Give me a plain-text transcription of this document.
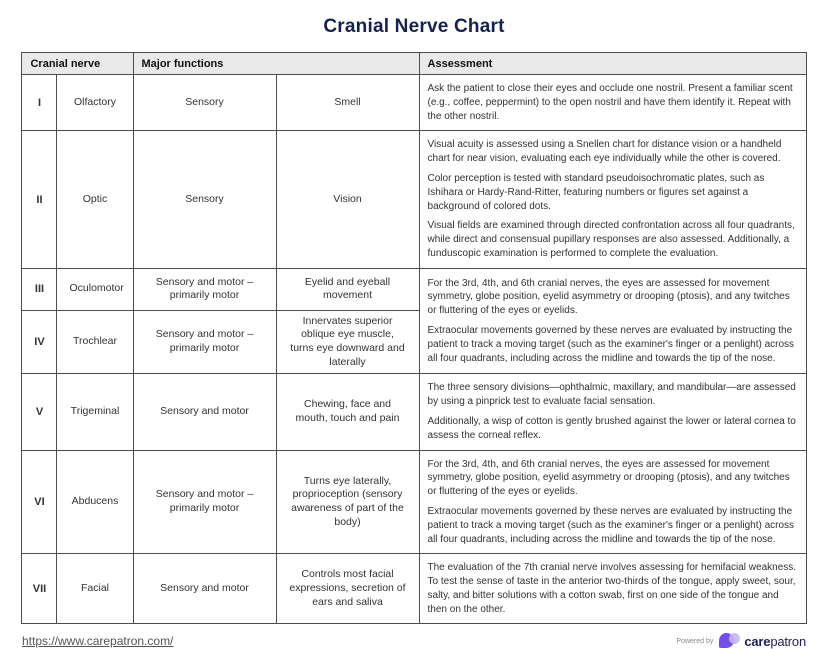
Cranial Nerve Chart
Cranial nerve		Major functions		Assessment
I	Olfactory	Sensory	Smell	Ask the patient to close their eyes and occlude one nostril. Present a familiar scent (e.g., coffee, peppermint) to the open nostril and have them identify it. Repeat with the other nostril.

II	Optic	Sensory	Vision	Visual acuity is assessed using a Snellen chart for distance vision or a handheld chart for near vision, evaluating each eye individually while the other is covered.

Color perception is tested with standard pseudoisochromatic plates, such as Ishihara or Hardy-Rand-Ritter, featuring numbers or figures set against a background of colored dots.

Visual fields are examined through directed confrontation across all four quadrants, while direct and consensual pupillary responses are also assessed. Additionally, a funduscopic examination is performed to complete the evaluation.

III	Oculomotor	Sensory and motor – primarily motor	Eyelid and eyeball movement	For the 3rd, 4th, and 6th cranial nerves, the eyes are assessed for movement symmetry, globe position, eyelid asymmetry or drooping (ptosis), and any twitches or fluttering of the eyes or eyelids.

Extraocular movements governed by these nerves are evaluated by instructing the patient to track a moving target (such as the examiner's finger or a penlight) across all four quadrants, including across the midline and towards the tip of the nose.

IV	Trochlear	Sensory and motor – primarily motor	Innervates superior oblique eye muscle, turns eye downward and laterally	
V	Trigeminal	Sensory and motor	Chewing, face and mouth, touch and pain	The three sensory divisions—ophthalmic, maxillary, and mandibular—are assessed by using a pinprick test to evaluate facial sensation.

Additionally, a wisp of cotton is gently brushed against the lower or lateral cornea to assess the corneal reflex.

VI	Abducens	Sensory and motor – primarily motor	Turns eye laterally, proprioception (sensory awareness of part of the body)	For the 3rd, 4th, and 6th cranial nerves, the eyes are assessed for movement symmetry, globe position, eyelid asymmetry or drooping (ptosis), and any twitches or fluttering of the eyes or eyelids.

Extraocular movements governed by these nerves are evaluated by instructing the patient to track a moving target (such as the examiner's finger or a penlight) across all four quadrants, including across the midline and towards the tip of the nose.

VII	Facial	Sensory and motor	Controls most facial expressions, secretion of ears and saliva	The evaluation of the 7th cranial nerve involves assessing for hemifacial weakness. To test the sense of taste in the anterior two-thirds of the tongue, apply sweet, sour, salty, and bitter solutions with a cotton swab, first on one side of the tongue and then on the other.

https://www.carepatron.com/	Powered by carepatron
